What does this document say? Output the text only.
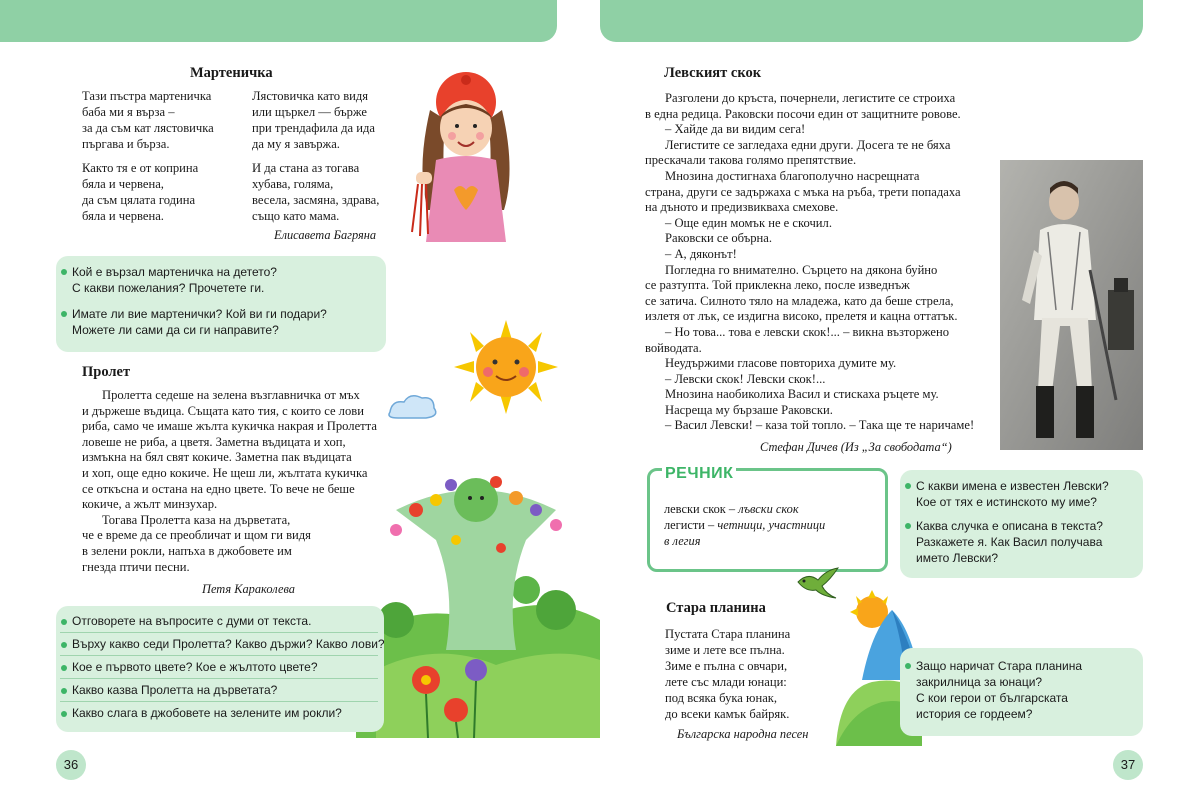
Мартеничка
Тази пъстра мартеничка
баба ми я върза –
за да съм кат лястовичка
пъргава и бърза.
Както тя е от коприна
бяла и червена,
да съм цялата година
бяла и червена.
Лястовичка като видя
или щъркел — бърже
при трендафила да ида
да му я завържа.
И да стана аз тогава
хубава, голяма,
весела, засмяна, здрава,
също като мама.
Елисавета Багряна
Кой е вързал мартеничка на детето?
С какви пожелания? Прочетете ги.
Имате ли вие мартенички? Кой ви ги подари?
Можете ли сами да си ги направите?
Пролет
Пролетта седеше на зелена възглавничка от мъх
и държеше въдица. Същата като тия, с които се лови
риба, само че имаше жълта кукичка накрая и Пролетта
ловеше не риба, а цветя. Заметна въдицата и хоп,
измъкна на бял свят кокиче. Заметна пак въдицата
и хоп, още едно кокиче. Не щеш ли, жълтата кукичка
се откъсна и остана на едно цвете. То вече не беше
кокиче, а жълт минзухар.
Тогава Пролетта каза на дърветата,
че е време да се преобличат и щом ги видя
в зелени рокли, напъха в джобовете им
гнезда птичи песни.
Петя Караколева
Отговорете на въпросите с думи от текста.
Върху какво седи Пролетта? Какво държи? Какво лови?
Кое е първото цвете? Кое е жълтото цвете?
Какво казва Пролетта на дърветата?
Какво слага в джобовете на зелените им рокли?
36
Левският скок
Разголени до кръста, почернели, легистите се строиха
в една редица. Раковски посочи един от защитните ровове.
– Хайде да ви видим сега!
Легистите се загледаха едни други. Досега те не бяха
прескачали такова голямо препятствие.
Мнозина достигнаха благополучно насрещната
страна, други се задържаха с мъка на ръба, трети попадаха
на дъното и предизвикваха смехове.
– Още един момък не е скочил.
Раковски се обърна.
– А, дяконът!
Погледна го внимателно. Сърцето на дякона буйно
се разтупта. Той приклекна леко, после изведнъж
се затича. Силното тяло на младежа, като да беше стрела,
излетя от лък, се издигна високо, прелетя и кацна оттатък.
– Но това... това е левски скок!... – викна възторжено
войводата.
Неудържими гласове повториха думите му.
– Левски скок! Левски скок!...
Мнозина наобиколиха Васил и стискаха ръцете му.
Насреща му бързаше Раковски.
– Васил Левски! – каза той топло. – Така ще те наричаме!
Стефан Дичев (Из „За свободата“)
РЕЧНИК
левски скок – лъвски скок
легисти – четници, участници
в легия
С какви имена е известен Левски?
Кое от тях е истинското му име?
Каква случка е описана в текста?
Разкажете я. Как Васил получава
името Левски?
Стара планина
Пустата Стара планина
зиме и лете все пълна.
Зиме е пълна с овчари,
лете със млади юнаци:
под всяка бука юнак,
до всеки камък байряк.
Българска народна песен
Защо наричат Стара планина
закрилница за юнаци?
С кои герои от българската
история се гордеем?
37
